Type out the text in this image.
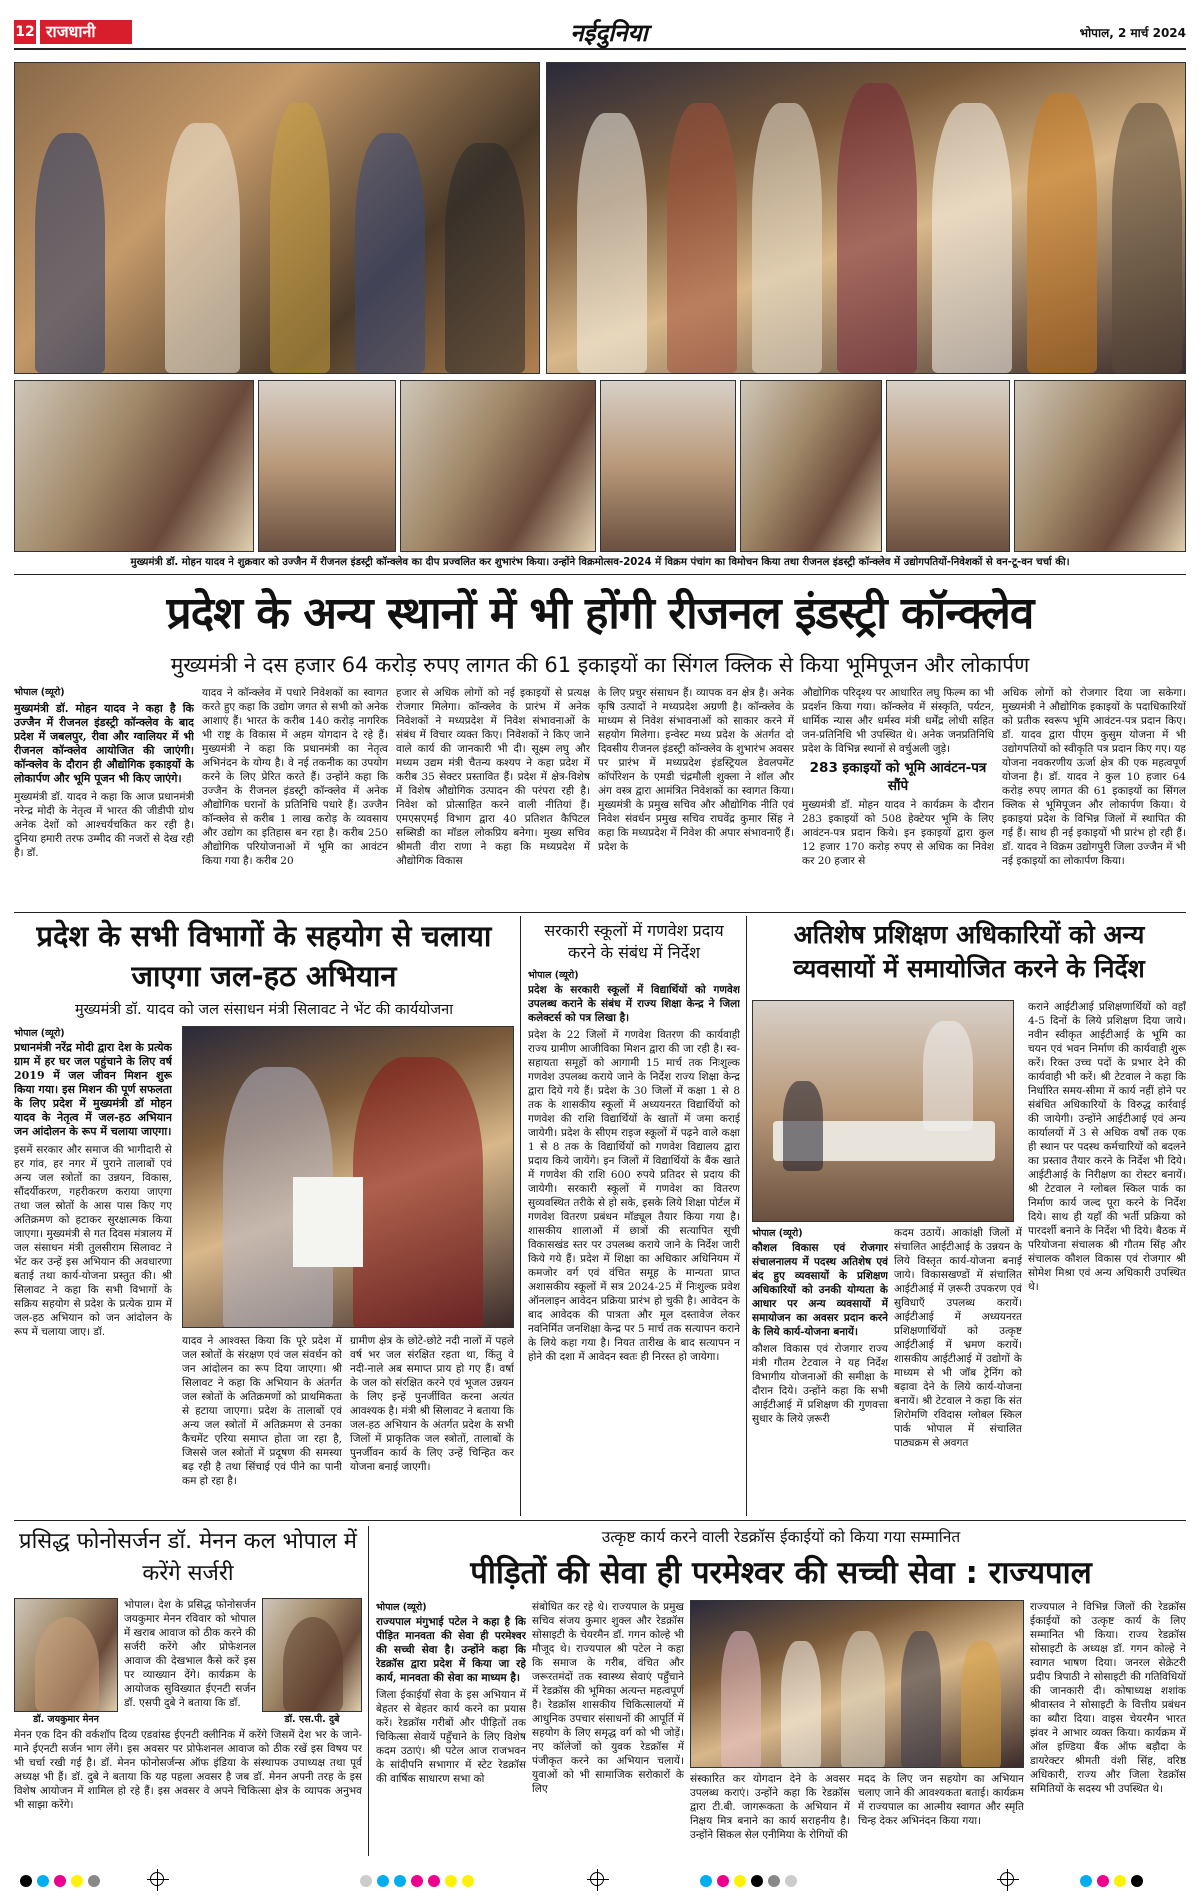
12 राजधानी	नईदुनिया	भोपाल, 2 मार्च 2024
मुख्यमंत्री डॉ. मोहन यादव ने शुक्रवार को उज्जैन में रीजनल इंडस्ट्री कॉन्क्लेव का दीप प्रज्वलित कर शुभारंभ किया। उन्होंने विक्रमोत्सव-2024 में विक्रम पंचांग का विमोचन किया तथा रीजनल इंडस्ट्री कॉन्क्लेव में उद्योगपतियों-निवेशकों से वन-टू-वन चर्चा की।
प्रदेश के अन्य स्थानों में भी होंगी रीजनल इंडस्ट्री कॉन्क्लेव
मुख्यमंत्री ने दस हजार 64 करोड़ रुपए लागत की 61 इकाइयों का सिंगल क्लिक से किया भूमिपूजन और लोकार्पण
भोपाल (व्यूरो)
मुख्यमंत्री डॉ. मोहन यादव ने कहा है कि उज्जैन में रीजनल इंडस्ट्री कॉन्क्लेव के बाद प्रदेश में जबलपुर, रीवा और ग्वालियर में भी रीजनल कॉन्क्लेव आयोजित की जाएंगी। कॉन्क्लेव के दौरान ही औद्योगिक इकाइयों के लोकार्पण और भूमि पूजन भी किए जाएंगे।
मुख्यमंत्री डॉ. यादव ने कहा कि आज प्रधानमंत्री नरेन्द्र मोदी के नेतृत्व में भारत की जीडीपी ग्रोथ अनेक देशों को आश्चर्यचकित कर रही है। दुनिया हमारी तरफ उम्मीद की नजरों से देख रही है। डॉ.
यादव ने कॉन्क्लेव में पधारे निवेशकों का स्वागत करते हुए कहा कि उद्योग जगत से सभी को अनेक आशाएं हैं। भारत के करीब 140 करोड़ नागरिक भी राष्ट्र के विकास में अहम योगदान दे रहे हैं। मुख्यमंत्री ने कहा कि प्रधानमंत्री का नेतृत्व अभिनंदन के योग्य है। वे नई तकनीक का उपयोग करने के लिए प्रेरित करते हैं। उन्होंने कहा कि उज्जैन के रीजनल इंडस्ट्री कॉन्क्लेव में अनेक औद्योगिक घरानों के प्रतिनिधि पधारे हैं। उज्जैन कॉन्क्लेव से करीब 1 लाख करोड़ के व्यवसाय और उद्योग का इतिहास बन रहा है। करीब 250 औद्योगिक परियोजनाओं में भूमि का आवंटन किया गया है। करीब 20
हजार से अधिक लोगों को नई इकाइयों से प्रत्यक्ष रोजगार मिलेगा। कॉन्क्लेव के प्रारंभ में अनेक निवेशकों ने मध्यप्रदेश में निवेश संभावनाओं के संबंध में विचार व्यक्त किए। निवेशकों ने किए जाने वाले कार्य की जानकारी भी दी। सूक्ष्म लघु और मध्यम उद्यम मंत्री चैतन्य कश्यप ने कहा प्रदेश में करीब 35 सेक्टर प्रस्तावित हैं। प्रदेश में क्षेत्र-विशेष में विशेष औद्योगिक उत्पादन की परंपरा रही है। निवेश को प्रोत्साहित करने वाली नीतियां हैं। एमएसएमई विभाग द्वारा 40 प्रतिशत कैपिटल सब्सिडी का मॉडल लोकप्रिय बनेगा। मुख्य सचिव श्रीमती वीरा राणा ने कहा कि मध्यप्रदेश में औद्योगिक विकास
के लिए प्रचुर संसाधन हैं। व्यापक वन क्षेत्र है। अनेक कृषि उत्पादों ने मध्यप्रदेश अग्रणी है। कॉन्क्लेव के माध्यम से निवेश संभावनाओं को साकार करने में सहयोग मिलेगा। इन्वेस्ट मध्य प्रदेश के अंतर्गत दो दिवसीय रीजनल इंडस्ट्री कॉन्क्लेव के शुभारंभ अवसर पर प्रारंभ में मध्यप्रदेश इंडस्ट्रियल डेवलपमेंट कॉर्पोरेशन के एमडी चंद्रमौली शुक्ला ने शॉल और अंग वस्त्र द्वारा आमंत्रित निवेशकों का स्वागत किया। मुख्यमंत्री के प्रमुख सचिव और औद्योगिक नीति एवं निवेश संवर्धन प्रमुख सचिव राघवेंद्र कुमार सिंह ने कहा कि मध्यप्रदेश में निवेश की अपार संभावनाएँ हैं। प्रदेश के
औद्योगिक परिदृश्य पर आधारित लघु फिल्म का भी प्रदर्शन किया गया। कॉन्क्लेव में संस्कृति, पर्यटन, धार्मिक न्यास और धर्मस्व मंत्री धर्मेंद्र लोधी सहित जन-प्रतिनिधि भी उपस्थित थे। अनेक जनप्रतिनिधि प्रदेश के विभिन्न स्थानों से वर्चुअली जुड़े।
283 इकाइयों को भूमि आवंटन-पत्र सौंपे
मुख्यमंत्री डॉ. मोहन यादव ने कार्यक्रम के दौरान 283 इकाइयों को 508 हेक्टेयर भूमि के लिए आवंटन-पत्र प्रदान किये। इन इकाइयों द्वारा कुल 12 हजार 170 करोड़ रुपए से अधिक का निवेश कर 20 हजार से
अधिक लोगों को रोजगार दिया जा सकेगा। मुख्यमंत्री ने औद्योगिक इकाइयों के पदाधिकारियों को प्रतीक स्वरूप भूमि आवंटन-पत्र प्रदान किए। डॉ. यादव द्वारा पीएम कुसुम योजना में भी उद्योगपतियों को स्वीकृति पत्र प्रदान किए गए। यह योजना नवकरणीय ऊर्जा क्षेत्र की एक महत्वपूर्ण योजना है। डॉ. यादव ने कुल 10 हजार 64 करोड़ रुपए लागत की 61 इकाइयों का सिंगल क्लिक से भूमिपूजन और लोकार्पण किया। ये इकाइयां प्रदेश के विभिन्न जिलों में स्थापित की गई हैं। साथ ही नई इकाइयों भी प्रारंभ हो रही हैं। डॉ. यादव ने विक्रम उद्योगपुरी जिला उज्जैन में भी नई इकाइयों का लोकार्पण किया।
प्रदेश के सभी विभागों के सहयोग से चलाया जाएगा जल-हठ अभियान
मुख्यमंत्री डॉ. यादव को जल संसाधन मंत्री सिलावट ने भेंट की कार्ययोजना
भोपाल (व्यूरो)
प्रधानमंत्री नरेंद्र मोदी द्वारा देश के प्रत्येक ग्राम में हर घर जल पहुंचाने के लिए वर्ष 2019 में जल जीवन मिशन शुरू किया गया। इस मिशन की पूर्ण सफलता के लिए प्रदेश में मुख्यमंत्री डॉ मोहन यादव के नेतृत्व में जल-हठ अभियान जन आंदोलन के रूप में चलाया जाएगा।
इसमें सरकार और समाज की भागीदारी से हर गांव, हर नगर में पुराने तालाबों एवं अन्य जल स्त्रोतों का उन्नयन, विकास, सौंदर्यीकरण, गहरीकरण कराया जाएगा तथा जल स्रोतों के आस पास किए गए अतिक्रमण को हटाकर सुरक्षात्मक किया जाएगा। मुख्यमंत्री से गत दिवस मंत्रालय में जल संसाधन मंत्री तुलसीराम सिलावट ने भेंट कर उन्हें इस अभियान की अवधारणा बताई तथा कार्य-योजना प्रस्तुत की। श्री सिलावट ने कहा कि सभी विभागों के सक्रिय सहयोग से प्रदेश के प्रत्येक ग्राम में जल-हठ अभियान को जन आंदोलन के रूप में चलाया जाए। डॉ.
यादव ने आश्वस्त किया कि पूरे प्रदेश में जल स्त्रोतों के संरक्षण एवं जल संवर्धन को जन आंदोलन का रूप दिया जाएगा। श्री सिलावट ने कहा कि अभियान के अंतर्गत जल स्त्रोतों के अतिक्रमणों को प्राथमिकता से हटाया जाएगा। प्रदेश के तालाबों एवं अन्य जल स्त्रोतों में अतिक्रमण से उनका कैचमेंट एरिया समाप्त होता जा रहा है, जिससे जल स्त्रोतों में प्रदूषण की समस्या बढ़ रही है तथा सिंचाई एवं पीने का पानी कम हो रहा है।
ग्रामीण क्षेत्र के छोटे-छोटे नदी नालों में पहले वर्ष भर जल संरक्षित रहता था, किंतु वे नदी-नाले अब समाप्त प्राय हो गए हैं। वर्षा के जल को संरक्षित करने एवं भूजल उन्नयन के लिए इन्हें पुनर्जीवित करना अत्यंत आवश्यक है। मंत्री श्री सिलावट ने बताया कि जल-हठ अभियान के अंतर्गत प्रदेश के सभी जिलों में प्राकृतिक जल स्त्रोतों, तालाबों के पुनर्जीवन कार्य के लिए उन्हें चिन्हित कर योजना बनाई जाएगी।
सरकारी स्कूलों में गणवेश प्रदाय करने के संबंध में निर्देश
भोपाल (व्यूरो)
प्रदेश के सरकारी स्कूलों में विद्यार्थियों को गणवेश उपलब्ध कराने के संबंध में राज्य शिक्षा केन्द्र ने जिला कलेक्टर्स को पत्र लिखा है।
प्रदेश के 22 जिलों में गणवेश वितरण की कार्यवाही राज्य ग्रामीण आजीविका मिशन द्वारा की जा रही है। स्व-सहायता समूहों को आगामी 15 मार्च तक निःशुल्क गणवेश उपलब्ध कराये जाने के निर्देश राज्य शिक्षा केन्द्र द्वारा दिये गये हैं। प्रदेश के 30 जिलों में कक्षा 1 से 8 तक के शासकीय स्कूलों में अध्ययनरत विद्यार्थियों को गणवेश की राशि विद्यार्थियों के खातों में जमा कराई जायेगी। प्रदेश के सीएम राइज स्कूलों में पढ़ने वाले कक्षा 1 से 8 तक के विद्यार्थियों को गणवेश विद्यालय द्वारा प्रदाय किये जायेंगे। इन जिलों में विद्यार्थियों के बैंक खाते में गणवेश की राशि 600 रुपये प्रतिदर से प्रदाय की जायेगी। सरकारी स्कूलों में गणवेश का वितरण सुव्यवस्थित तरीके से हो सके, इसके लिये शिक्षा पोर्टल में गणवेश वितरण प्रबंधन मॉड्यूल तैयार किया गया है। शासकीय शालाओं में छात्रों की सत्यापित सूची विकासखंड स्तर पर उपलब्ध कराये जाने के निर्देश जारी किये गये हैं। प्रदेश में शिक्षा का अधिकार अधिनियम में कमजोर वर्ग एवं वंचित समूह के मान्यता प्राप्त अशासकीय स्कूलों में सत्र 2024-25 में निःशुल्क प्रवेश ऑनलाइन आवेदन प्रक्रिया प्रारंभ हो चुकी है। आवेदन के बाद आवेदक की पात्रता और मूल दस्तावेज लेकर नवनिर्मित जनशिक्षा केन्द्र पर 5 मार्च तक सत्यापन कराने के लिये कहा गया है। नियत तारीख के बाद सत्यापन न होने की दशा में आवेदन स्वतः ही निरस्त हो जायेगा।
अतिशेष प्रशिक्षण अधिकारियों को अन्य व्यवसायों में समायोजित करने के निर्देश
भोपाल (व्यूरो)
कौशल विकास एवं रोजगार संचालनालय में पदस्थ अतिशेष एवं बंद हुए व्यवसायों के प्रशिक्षण अधिकारियों को उनकी योग्यता के आधार पर अन्य व्यवसायों में समायोजन का अवसर प्रदान करने के लिये कार्य-योजना बनायें।
कौशल विकास एवं रोजगार राज्य मंत्री गौतम टेटवाल ने यह निर्देश विभागीय योजनाओं की समीक्षा के दौरान दिये। उन्होंने कहा कि सभी आईटीआई में प्रशिक्षण की गुणवत्ता सुधार के लिये ज़रूरी
कदम उठायें। आकांक्षी जिलों में संचालित आईटीआई के उन्नयन के लिये विस्तृत कार्य-योजना बनाई जाये। विकासखण्डों में संचालित आईटीआई में ज़रूरी उपकरण एवं सुविधाएँ उपलब्ध करायें। आईटीआई में अध्ययनरत प्रशिक्षणार्थियों को उत्कृष्ट आईटीआई में भ्रमण करायें। शासकीय आईटीआई में उद्योगों के माध्यम से भी जॉब ट्रेनिंग को बढ़ावा देने के लिये कार्य-योजना बनायें। श्री टेटवाल ने कहा कि संत शिरोमणि रविदास ग्लोबल स्किल पार्क भोपाल में संचालित पाठ्यक्रम से अवगत
कराने आईटीआई प्रशिक्षणार्थियों को वहाँ 4-5 दिनों के लिये प्रशिक्षण दिया जाये। नवीन स्वीकृत आईटीआई के भूमि का चयन एवं भवन निर्माण की कार्यवाही शुरू करें। रिक्त उच्च पदों के प्रभार देने की कार्यवाही भी करें। श्री टेटवाल ने कहा कि निर्धारित समय-सीमा में कार्य नहीं होने पर संबंधित अधिकारियों के विरुद्ध कार्रवाई की जायेगी। उन्होंने आईटीआई एवं अन्य कार्यालयों में 3 से अधिक वर्षों तक एक ही स्थान पर पदस्थ कर्मचारियों को बदलने का प्रस्ताव तैयार करने के निर्देश भी दिये। आईटीआई के निरीक्षण का रोस्टर बनायें। श्री टेटवाल ने ग्लोबल स्किल पार्क का निर्माण कार्य जल्द पूरा करने के निर्देश दिये। साथ ही यहाँ की भर्ती प्रक्रिया को पारदर्शी बनाने के निर्देश भी दिये। बैठक में परियोजना संचालक श्री गौतम सिंह और संचालक कौशल विकास एवं रोजगार श्री सोमेश मिश्रा एवं अन्य अधिकारी उपस्थित थे।
प्रसिद्ध फोनोसर्जन डॉ. मेनन कल भोपाल में करेंगे सर्जरी
डॉ. जयकुमार मेनन
भोपाल। देश के प्रसिद्ध फोनोसर्जन जयकुमार मेनन रविवार को भोपाल में खराब आवाज को ठीक करने की सर्जरी करेंगे और प्रोफेशनल आवाज की देखभाल कैसे करें इस पर व्याख्यान देंगे। कार्यक्रम के आयोजक सुविख्यात ईएनटी सर्जन डॉ. एसपी दुबे ने बताया कि डॉ.
डॉ. एस.पी. दुबे
मेनन एक दिन की वर्कशॉप दिव्य एडवांस्ड ईएनटी क्लीनिक में करेंगे जिसमें देश भर के जाने-माने ईएनटी सर्जन भाग लेंगे। इस अवसर पर प्रोफेशनल आवाज को ठीक रखें इस विषय पर भी चर्चा रखी गई है। डॉ. मेनन फोनोसर्जन्स ऑफ इंडिया के संस्थापक उपाध्यक्ष तथा पूर्व अध्यक्ष भी हैं। डॉ. दुबे ने बताया कि यह पहला अवसर है जब डॉ. मेनन अपनी तरह के इस विशेष आयोजन में शामिल हो रहे हैं। इस अवसर वे अपने चिकित्सा क्षेत्र के व्यापक अनुभव भी साझा करेंगे।
उत्कृष्ट कार्य करने वाली रेडक्रॉस ईकाईयों को किया गया सम्मानित
पीड़ितों की सेवा ही परमेश्वर की सच्ची सेवा : राज्यपाल
भोपाल (व्यूरो)
राज्यपाल मंगुभाई पटेल ने कहा है कि पीड़ित मानवता की सेवा ही परमेश्वर की सच्ची सेवा है। उन्होंने कहा कि रेडक्रॉस द्वारा प्रदेश में किया जा रहे कार्य, मानवता की सेवा का माध्यम है।
जिला ईकाईयाँ सेवा के इस अभियान में बेहतर से बेहतर कार्य करने का प्रयास करें। रेडक्रॉस गरीबों और पीड़ितों तक चिकित्सा सेवायें पहुँचाने के लिए विशेष कदम उठाएं। श्री पटेल आज राजभवन के सांदीपनि सभागार में स्टेट रेडक्रॉस की वार्षिक साधारण सभा को
संबोधित कर रहे थे। राज्यपाल के प्रमुख सचिव संजय कुमार शुक्ल और रेडक्रॉस सोसाइटी के चेयरमैन डॉ. गगन कोल्हे भी मौजूद थे। राज्यपाल श्री पटेल ने कहा कि समाज के गरीब, वंचित और जरूरतमंदों तक स्वास्थ्य सेवाएं पहुँचाने में रेडक्रॉस की भूमिका अत्यन्त महत्वपूर्ण है। रेडक्रॉस शासकीय चिकित्सालयों में आधुनिक उपचार संसाधनों की आपूर्ति में सहयोग के लिए समृद्ध वर्ग को भी जोड़ें। नए कॉलेजों को युवक रेडक्रॉस में पंजीकृत करने का अभियान चलायें। युवाओं को भी सामाजिक सरोकारों के लिए
संस्कारित कर योगदान देने के अवसर उपलब्ध कराएं। उन्होंने कहा कि रेडक्रॉस द्वारा टी.बी. जागरूकता के अभियान में निक्षय मित्र बनाने का कार्य सराहनीय है। उन्होंने सिकल सेल एनीमिया के रोगियों की
मदद के लिए जन सहयोग का अभियान चलाए जाने की आवश्यकता बताई। कार्यक्रम में राज्यपाल का आत्मीय स्वागत और स्मृति चिन्ह देकर अभिनंदन किया गया।
राज्यपाल ने विभिन्न जिलों की रेडक्रॉस ईकाईयों को उत्कृष्ट कार्य के लिए सम्मानित भी किया। राज्य रेडक्रॉस सोसाइटी के अध्यक्ष डॉ. गगन कोल्हे ने स्वागत भाषण दिया। जनरल सेक्रेटरी प्रदीप त्रिपाठी ने सोसाइटी की गतिविधियों की जानकारी दी। कोषाध्यक्ष शशांक श्रीवास्तव ने सोसाइटी के वित्तीय प्रबंधन का ब्यौरा दिया। वाइस चेयरमैन भारत झंवर ने आभार व्यक्त किया। कार्यक्रम में ऑल इण्डिया बैंक ऑफ बड़ौदा के डायरेक्टर श्रीमती वंशी सिंह, वरिष्ठ अधिकारी, राज्य और जिला रेडक्रॉस समितियों के सदस्य भी उपस्थित थे।
